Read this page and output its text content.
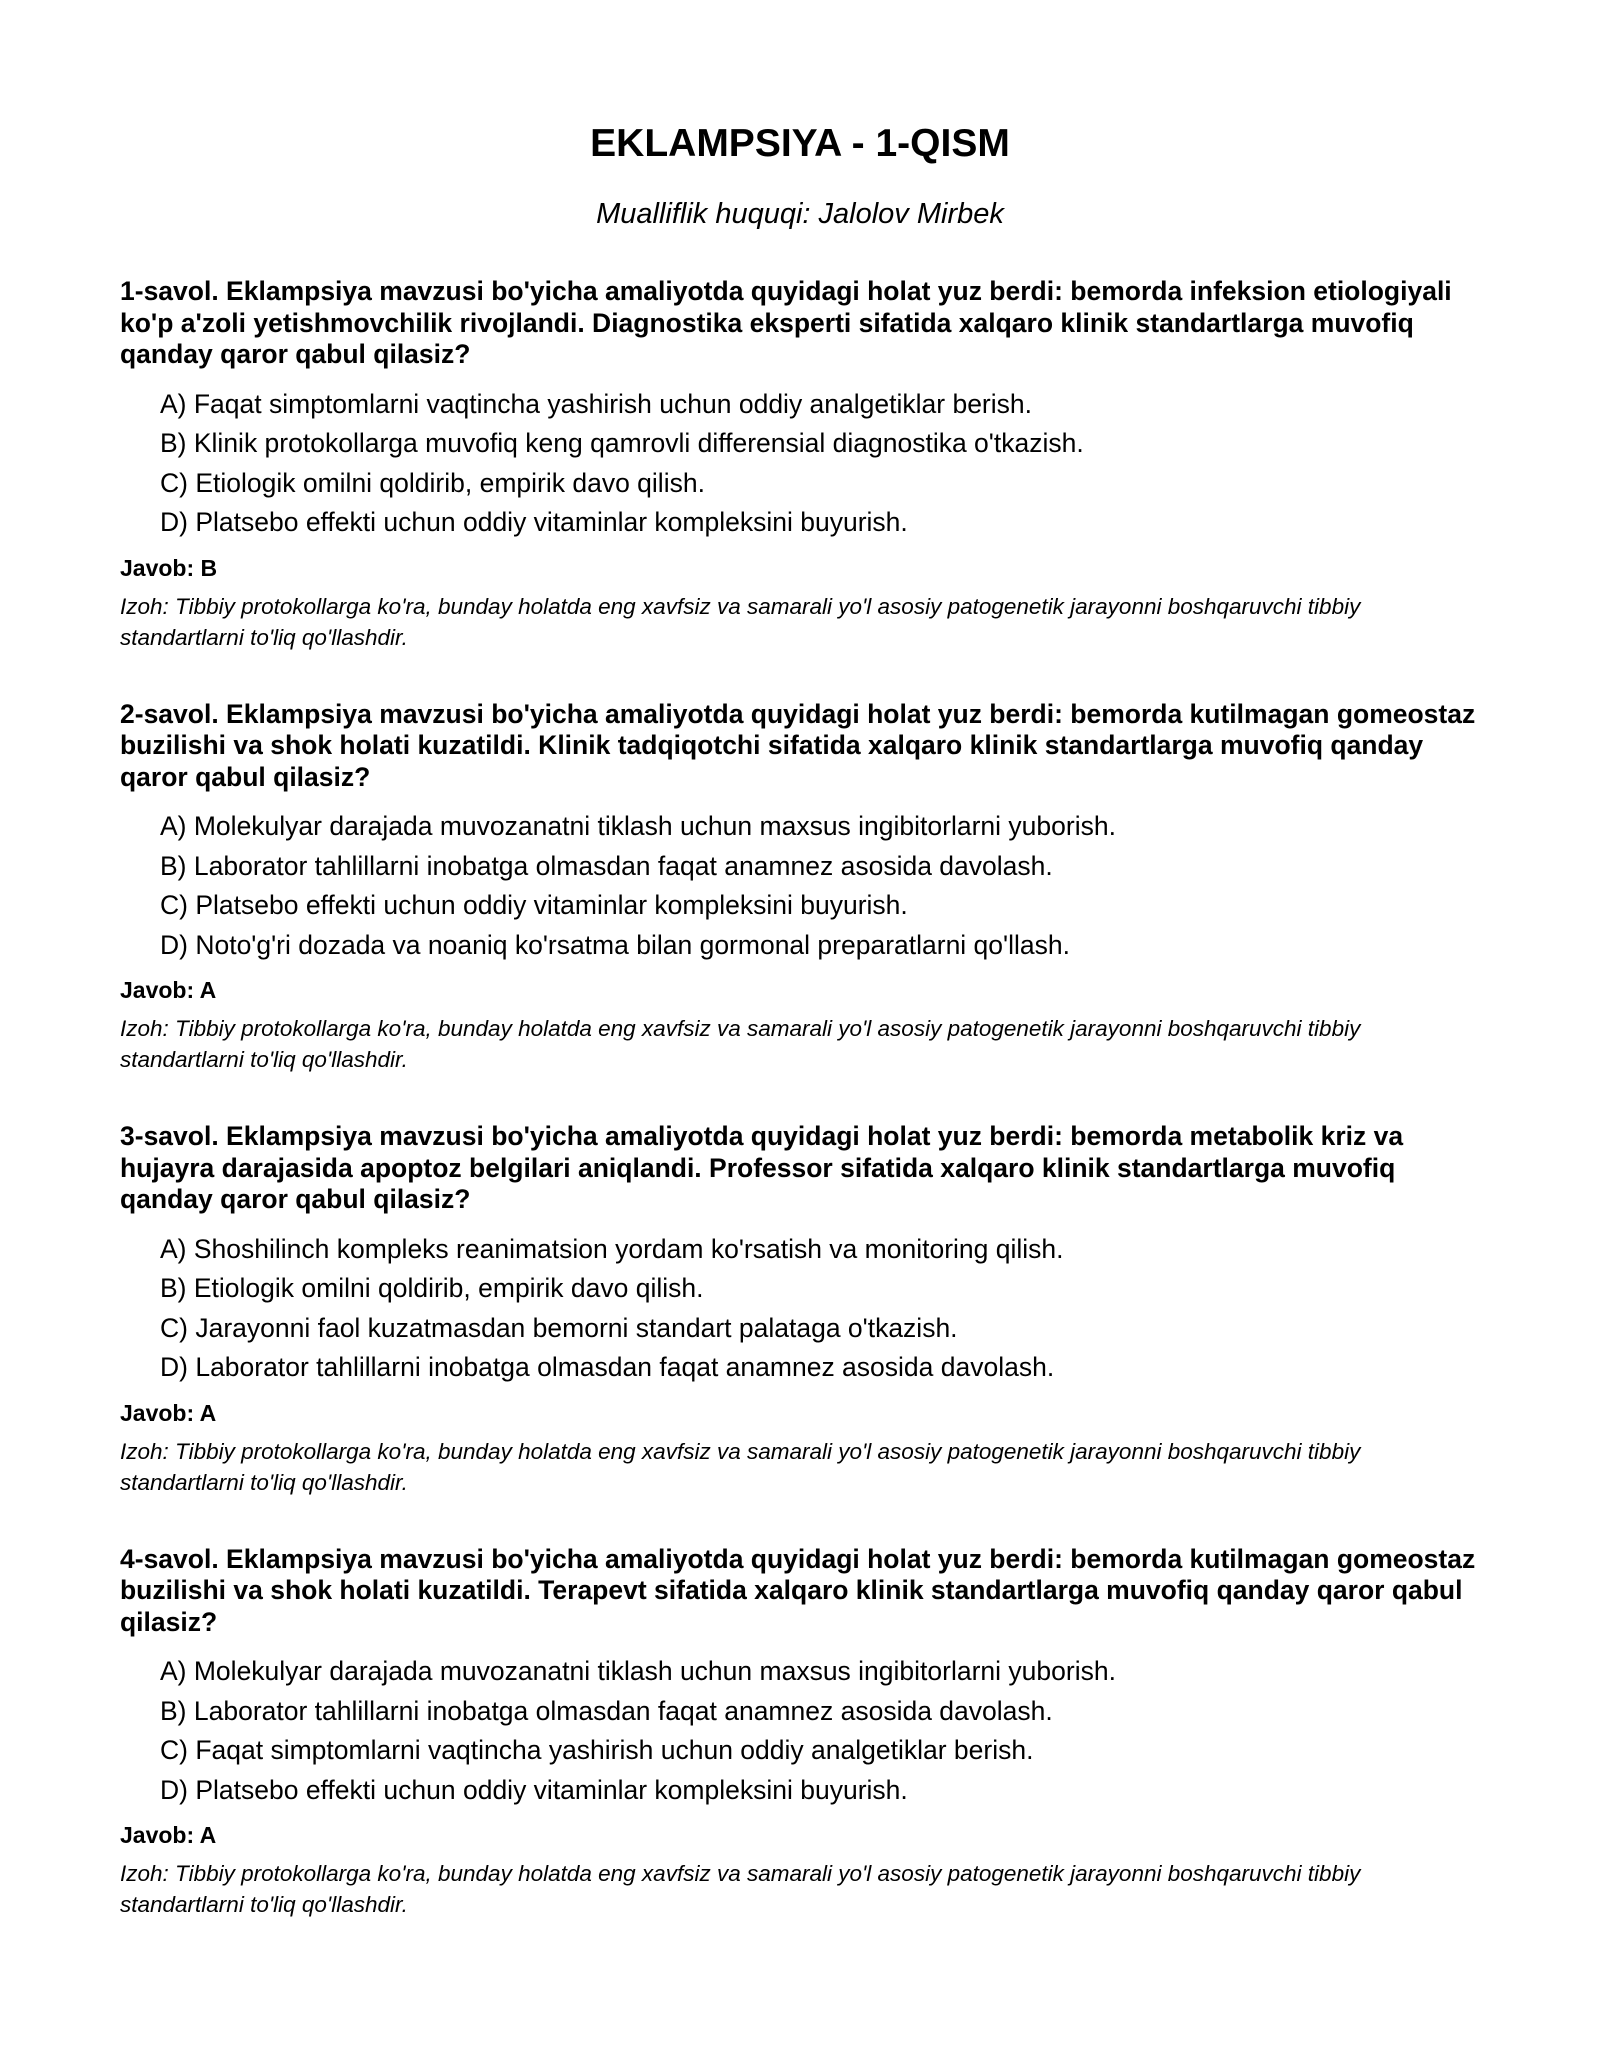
EKLAMPSIYA - 1-QISM
Mualliflik huquqi: Jalolov Mirbek

1-savol. Eklampsiya mavzusi bo'yicha amaliyotda quyidagi holat yuz berdi: bemorda infeksion etiologiyali ko'p a'zoli yetishmovchilik rivojlandi. Diagnostika eksperti sifatida xalqaro klinik standartlarga muvofiq qanday qaror qabul qilasiz?

A) Faqat simptomlarni vaqtincha yashirish uchun oddiy analgetiklar berish.
B) Klinik protokollarga muvofiq keng qamrovli differensial diagnostika o'tkazish.
C) Etiologik omilni qoldirib, empirik davo qilish.
D) Platsebo effekti uchun oddiy vitaminlar kompleksini buyurish.
Javob: B
Izoh: Tibbiy protokollarga ko'ra, bunday holatda eng xavfsiz va samarali yo'l asosiy patogenetik jarayonni boshqaruvchi tibbiy standartlarni to'liq qo'llashdir.

2-savol. Eklampsiya mavzusi bo'yicha amaliyotda quyidagi holat yuz berdi: bemorda kutilmagan gomeostaz buzilishi va shok holati kuzatildi. Klinik tadqiqotchi sifatida xalqaro klinik standartlarga muvofiq qanday qaror qabul qilasiz?

A) Molekulyar darajada muvozanatni tiklash uchun maxsus ingibitorlarni yuborish.
B) Laborator tahlillarni inobatga olmasdan faqat anamnez asosida davolash.
C) Platsebo effekti uchun oddiy vitaminlar kompleksini buyurish.
D) Noto'g'ri dozada va noaniq ko'rsatma bilan gormonal preparatlarni qo'llash.
Javob: A
Izoh: Tibbiy protokollarga ko'ra, bunday holatda eng xavfsiz va samarali yo'l asosiy patogenetik jarayonni boshqaruvchi tibbiy standartlarni to'liq qo'llashdir.

3-savol. Eklampsiya mavzusi bo'yicha amaliyotda quyidagi holat yuz berdi: bemorda metabolik kriz va hujayra darajasida apoptoz belgilari aniqlandi. Professor sifatida xalqaro klinik standartlarga muvofiq qanday qaror qabul qilasiz?

A) Shoshilinch kompleks reanimatsion yordam ko'rsatish va monitoring qilish.
B) Etiologik omilni qoldirib, empirik davo qilish.
C) Jarayonni faol kuzatmasdan bemorni standart palataga o'tkazish.
D) Laborator tahlillarni inobatga olmasdan faqat anamnez asosida davolash.
Javob: A
Izoh: Tibbiy protokollarga ko'ra, bunday holatda eng xavfsiz va samarali yo'l asosiy patogenetik jarayonni boshqaruvchi tibbiy standartlarni to'liq qo'llashdir.

4-savol. Eklampsiya mavzusi bo'yicha amaliyotda quyidagi holat yuz berdi: bemorda kutilmagan gomeostaz buzilishi va shok holati kuzatildi. Terapevt sifatida xalqaro klinik standartlarga muvofiq qanday qaror qabul qilasiz?

A) Molekulyar darajada muvozanatni tiklash uchun maxsus ingibitorlarni yuborish.
B) Laborator tahlillarni inobatga olmasdan faqat anamnez asosida davolash.
C) Faqat simptomlarni vaqtincha yashirish uchun oddiy analgetiklar berish.
D) Platsebo effekti uchun oddiy vitaminlar kompleksini buyurish.
Javob: A
Izoh: Tibbiy protokollarga ko'ra, bunday holatda eng xavfsiz va samarali yo'l asosiy patogenetik jarayonni boshqaruvchi tibbiy standartlarni to'liq qo'llashdir.
